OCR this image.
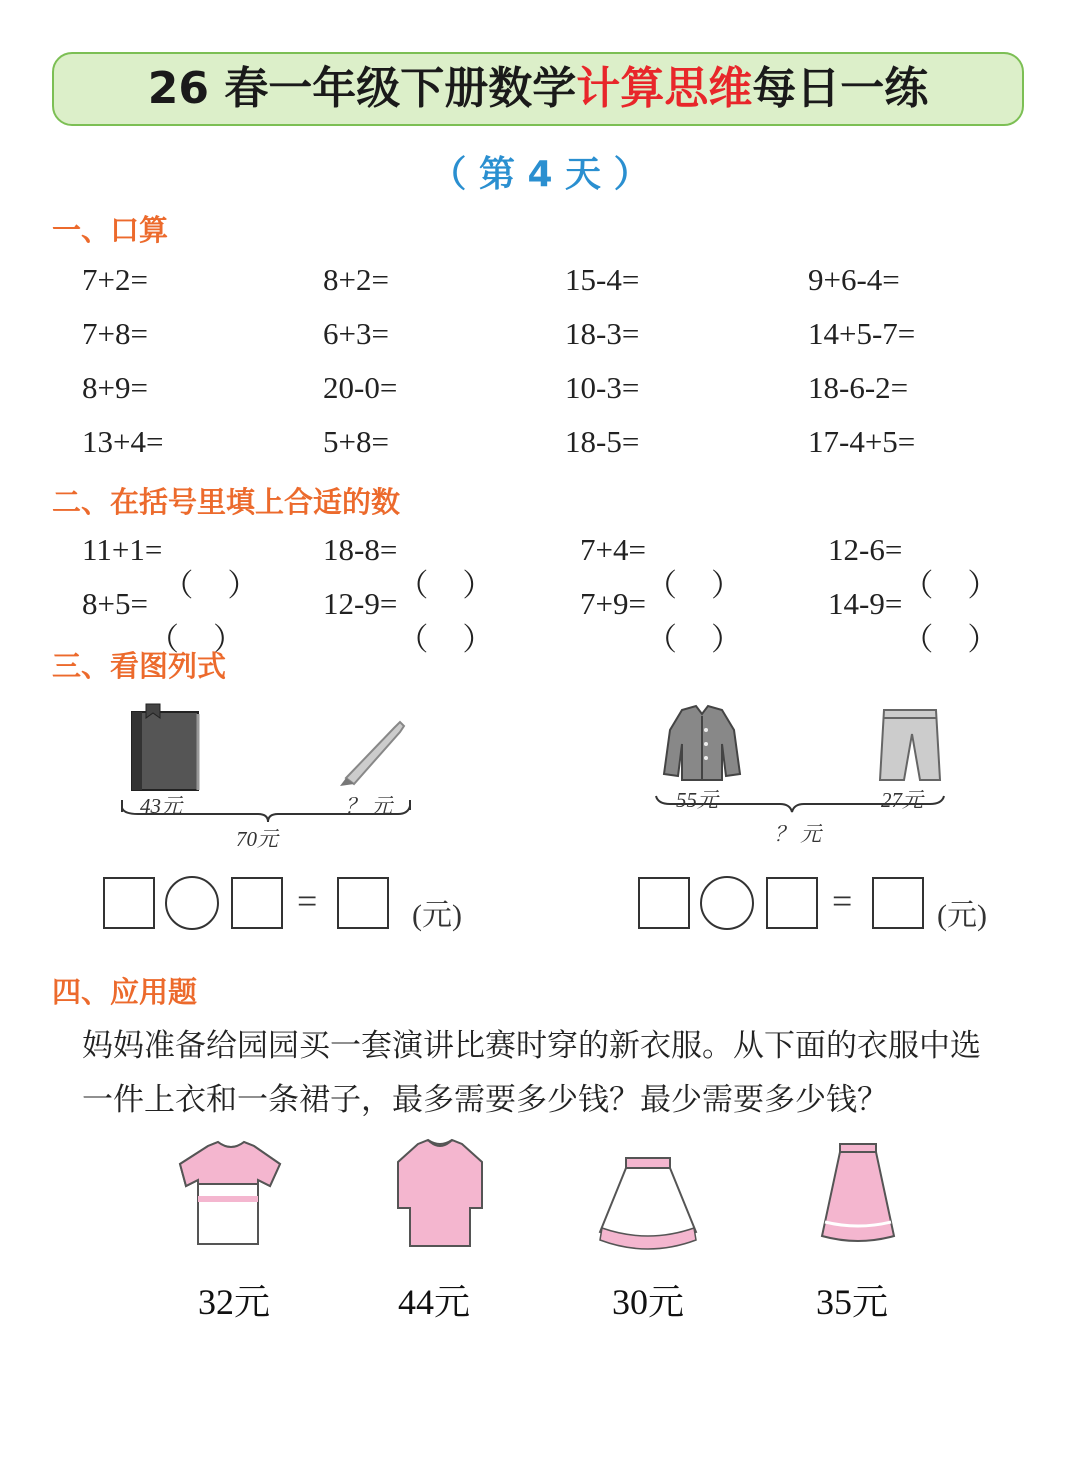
26 春一年级下册数学计算思维每日一练
（ 第 4 天 ）
一、口算
7+2=	8+2=	15-4=	9+6-4=
7+8=	6+3=	18-3=	14+5-7=
8+9=	20-0=	10-3=	18-6-2=
13+4=	5+8=	18-5=	17-4+5=
二、在括号里填上合适的数
11+1=	18-8=	7+4=	12-6=
8+5=	12-9=	7+9=	14-9=
三、看图列式
43元	？ 元
70元
55元	27元
？ 元
=	(元)	=	(元)
四、应用题
妈妈准备给园园买一套演讲比赛时穿的新衣服。从下面的衣服中选
一件上衣和一条裙子，最多需要多少钱？最少需要多少钱？
32元	44元	30元	35元
